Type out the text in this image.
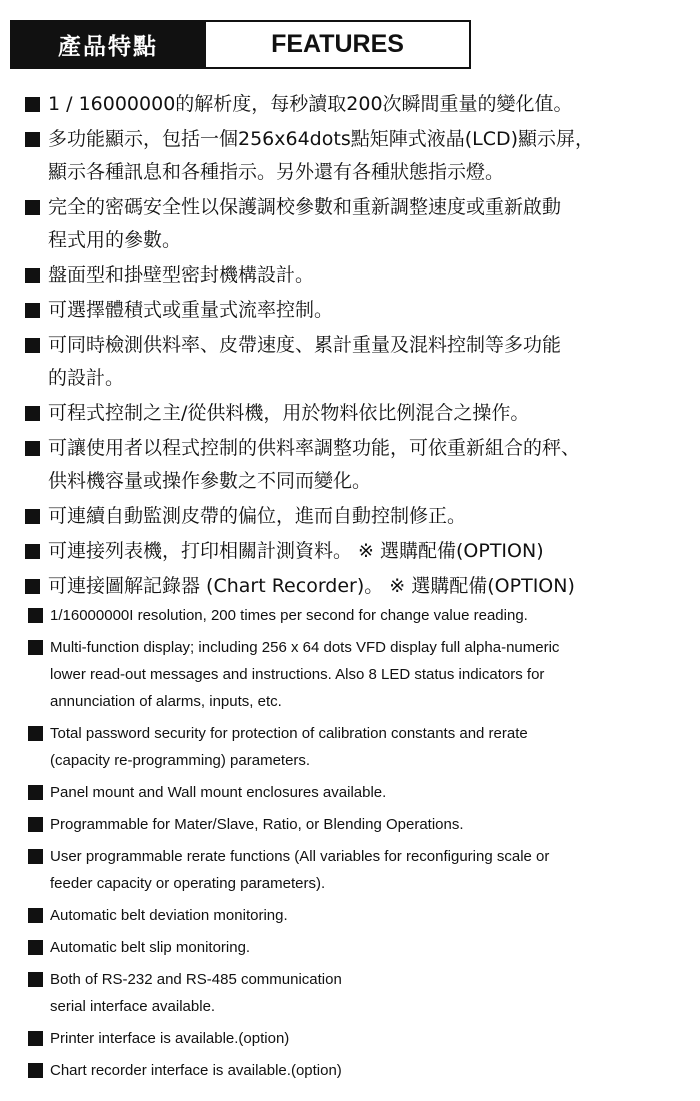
產品特點	FEATURES
1 / 16000000的解析度，每秒讀取200次瞬間重量的變化值。
多功能顯示，包括一個256x64dots點矩陣式液晶(LCD)顯示屏，
顯示各種訊息和各種指示。另外還有各種狀態指示燈。
完全的密碼安全性以保護調校參數和重新調整速度或重新啟動
程式用的參數。
盤面型和掛壁型密封機構設計。
可選擇體積式或重量式流率控制。
可同時檢測供料率、皮帶速度、累計重量及混料控制等多功能
的設計。
可程式控制之主/從供料機，用於物料依比例混合之操作。
可讓使用者以程式控制的供料率調整功能，可依重新組合的秤、
供料機容量或操作參數之不同而變化。
可連續自動監測皮帶的偏位，進而自動控制修正。
可連接列表機，打印相關計測資料。 ※ 選購配備(OPTION)
可連接圖解記錄器 (Chart Recorder)。 ※ 選購配備(OPTION)
1/16000000I resolution, 200 times per second for change value reading.
Multi-function display; including 256 x 64 dots VFD display full alpha-numeric
lower read-out messages and instructions. Also 8 LED status indicators for
annunciation of alarms, inputs, etc.
Total password security for protection of calibration constants and rerate
(capacity re-programming) parameters.
Panel mount and Wall mount enclosures available.
Programmable for Mater/Slave, Ratio, or Blending Operations.
User programmable rerate functions (All variables for reconfiguring scale or
feeder capacity or operating parameters).
Automatic belt deviation monitoring.
Automatic belt slip monitoring.
Both of RS-232 and RS-485 communication
serial interface available.
Printer interface is available.(option)
Chart recorder interface is available.(option)
